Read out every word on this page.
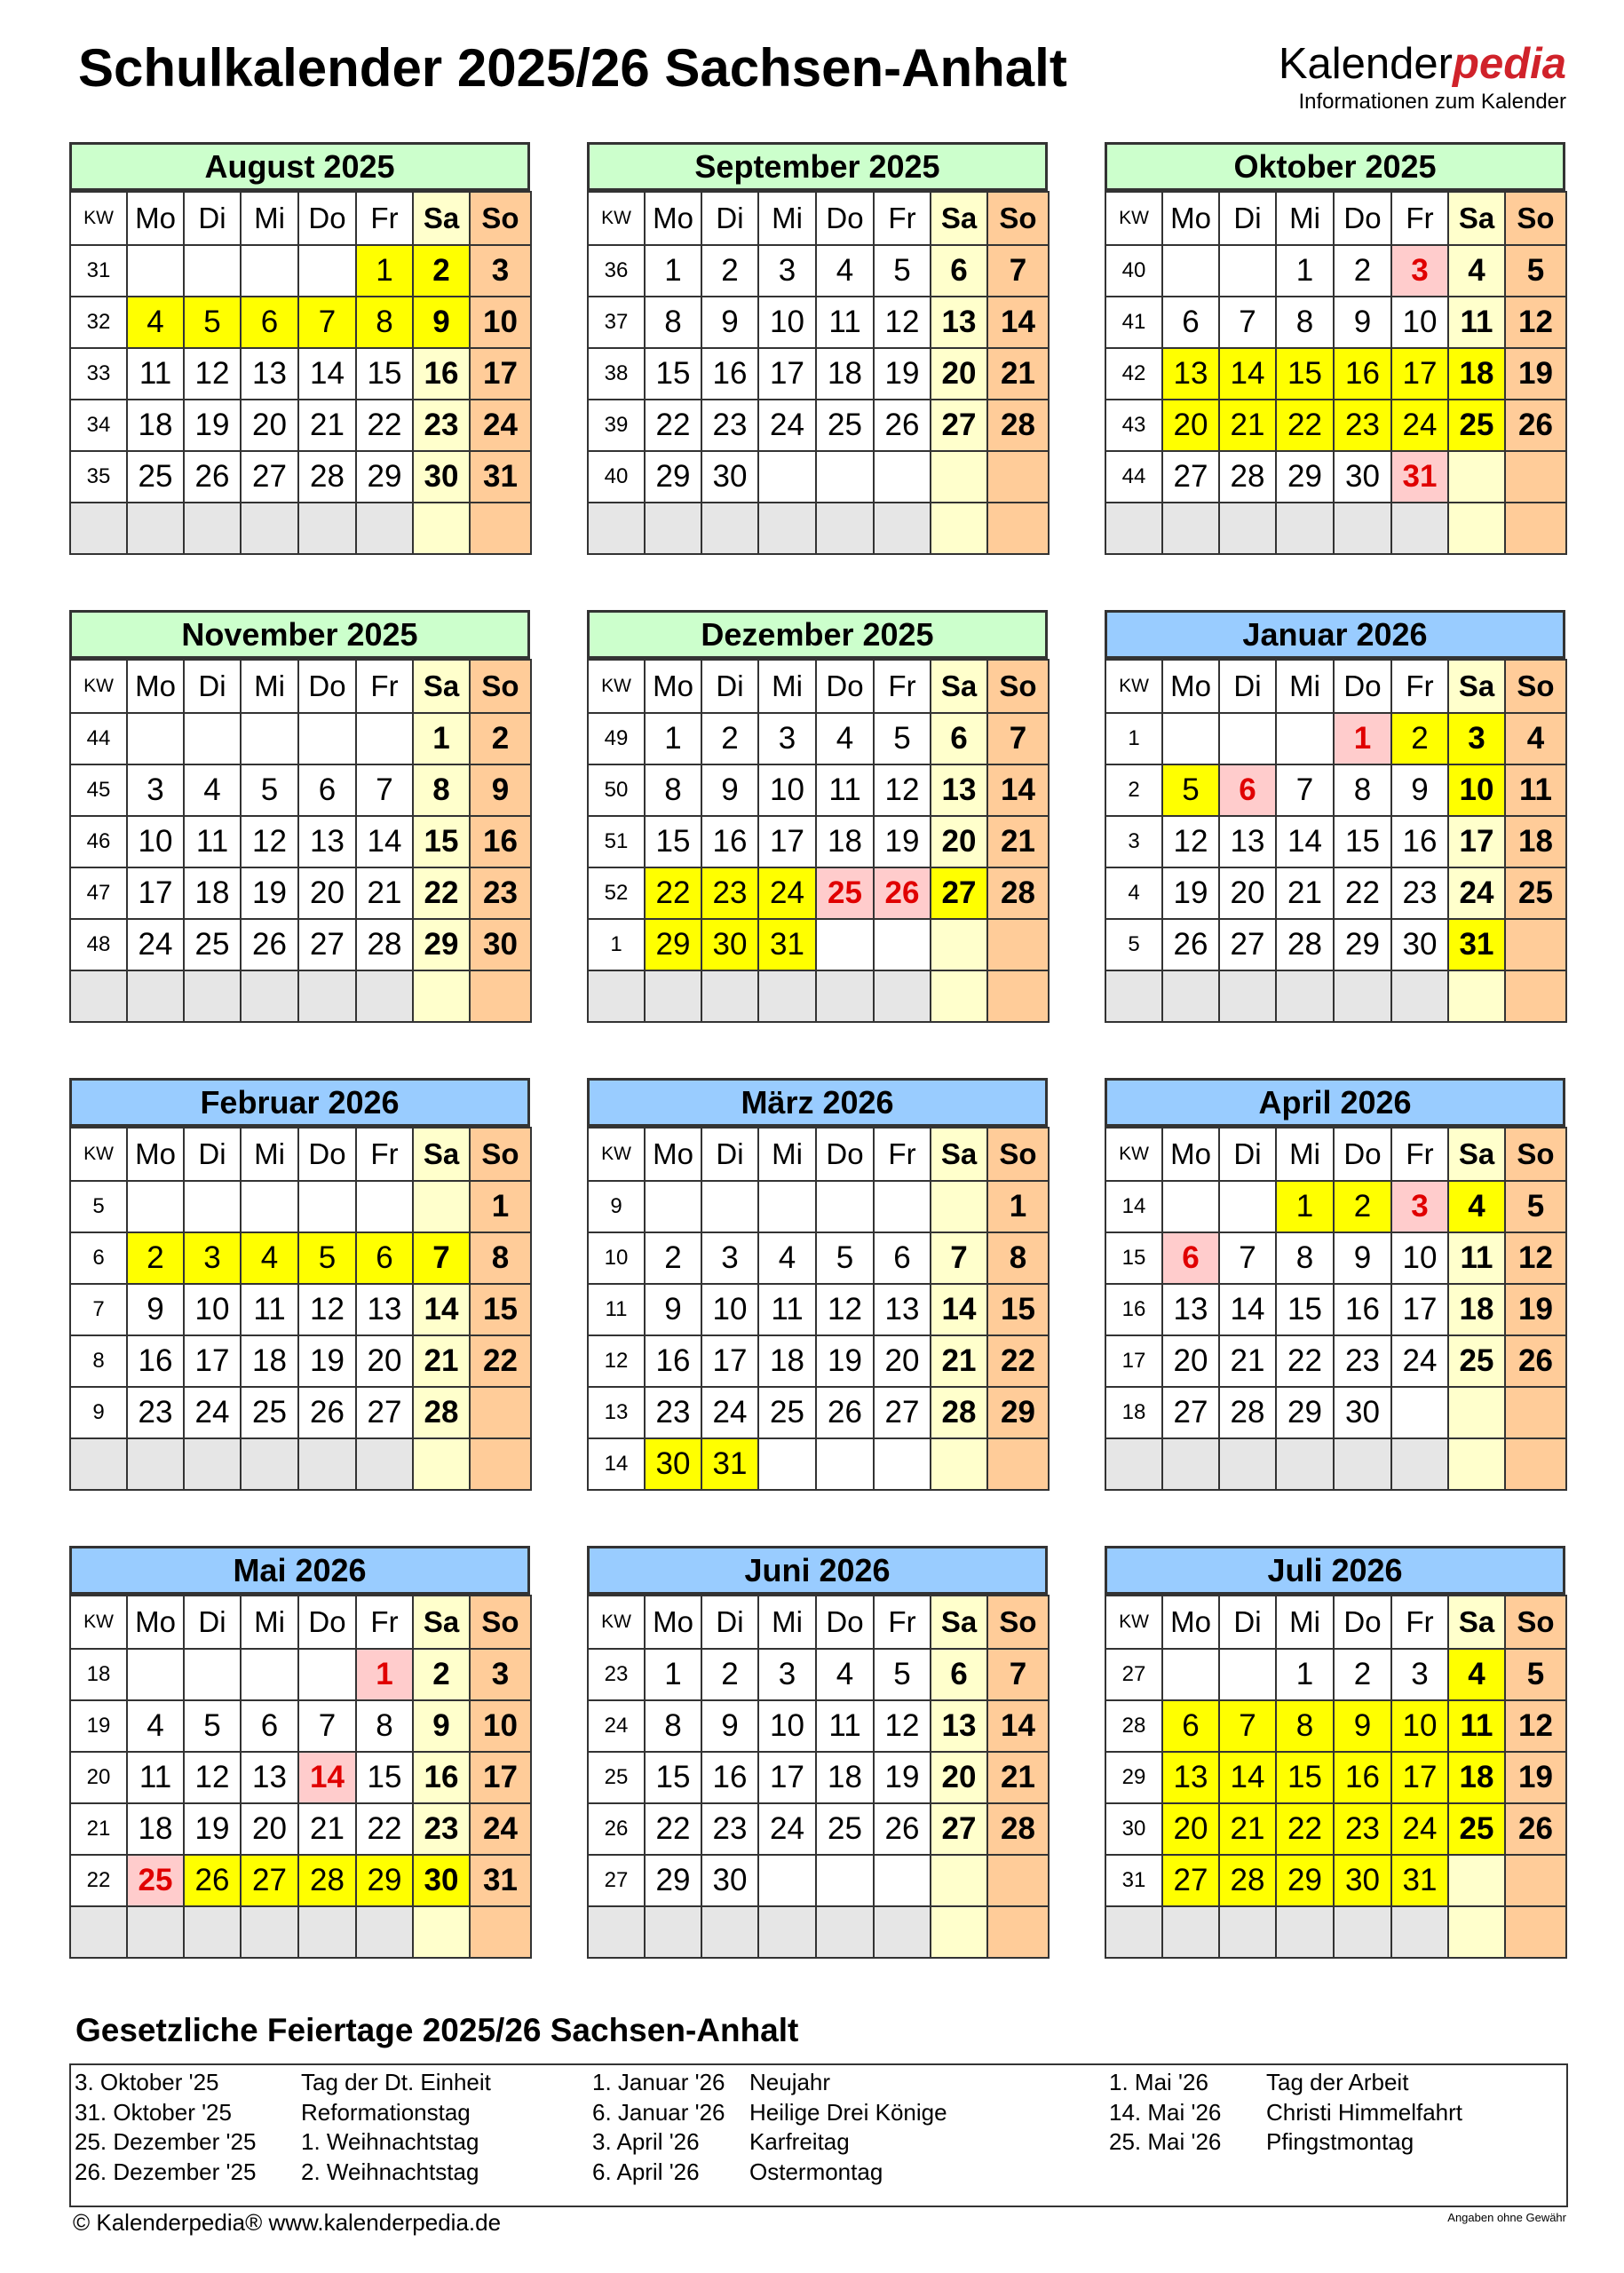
Schulkalender 2025/26 Sachsen-Anhalt	Kalenderpedia
Informationen zum Kalender
August 2025
KW	Mo	Di	Mi	Do	Fr	Sa	So
31					1	2	3
32	4	5	6	7	8	9	10
33	11	12	13	14	15	16	17
34	18	19	20	21	22	23	24
35	25	26	27	28	29	30	31

September 2025
KW	Mo	Di	Mi	Do	Fr	Sa	So
36	1	2	3	4	5	6	7
37	8	9	10	11	12	13	14
38	15	16	17	18	19	20	21
39	22	23	24	25	26	27	28
40	29	30					

Oktober 2025
KW	Mo	Di	Mi	Do	Fr	Sa	So
40			1	2	3	4	5
41	6	7	8	9	10	11	12
42	13	14	15	16	17	18	19
43	20	21	22	23	24	25	26
44	27	28	29	30	31		

November 2025
KW	Mo	Di	Mi	Do	Fr	Sa	So
44						1	2
45	3	4	5	6	7	8	9
46	10	11	12	13	14	15	16
47	17	18	19	20	21	22	23
48	24	25	26	27	28	29	30

Dezember 2025
KW	Mo	Di	Mi	Do	Fr	Sa	So
49	1	2	3	4	5	6	7
50	8	9	10	11	12	13	14
51	15	16	17	18	19	20	21
52	22	23	24	25	26	27	28
1	29	30	31				

Januar 2026
KW	Mo	Di	Mi	Do	Fr	Sa	So
1				1	2	3	4
2	5	6	7	8	9	10	11
3	12	13	14	15	16	17	18
4	19	20	21	22	23	24	25
5	26	27	28	29	30	31	

Februar 2026
KW	Mo	Di	Mi	Do	Fr	Sa	So
5							1
6	2	3	4	5	6	7	8
7	9	10	11	12	13	14	15
8	16	17	18	19	20	21	22
9	23	24	25	26	27	28	

März 2026
KW	Mo	Di	Mi	Do	Fr	Sa	So
9							1
10	2	3	4	5	6	7	8
11	9	10	11	12	13	14	15
12	16	17	18	19	20	21	22
13	23	24	25	26	27	28	29
14	30	31					
April 2026
KW	Mo	Di	Mi	Do	Fr	Sa	So
14			1	2	3	4	5
15	6	7	8	9	10	11	12
16	13	14	15	16	17	18	19
17	20	21	22	23	24	25	26
18	27	28	29	30			

Mai 2026
KW	Mo	Di	Mi	Do	Fr	Sa	So
18					1	2	3
19	4	5	6	7	8	9	10
20	11	12	13	14	15	16	17
21	18	19	20	21	22	23	24
22	25	26	27	28	29	30	31

Juni 2026
KW	Mo	Di	Mi	Do	Fr	Sa	So
23	1	2	3	4	5	6	7
24	8	9	10	11	12	13	14
25	15	16	17	18	19	20	21
26	22	23	24	25	26	27	28
27	29	30					

Juli 2026
KW	Mo	Di	Mi	Do	Fr	Sa	So
27			1	2	3	4	5
28	6	7	8	9	10	11	12
29	13	14	15	16	17	18	19
30	20	21	22	23	24	25	26
31	27	28	29	30	31		

Gesetzliche Feiertage 2025/26 Sachsen-Anhalt
3. Oktober '25	Tag der Dt. Einheit
31. Oktober '25	Reformationstag
25. Dezember '25 1. Weihnachtstag
26. Dezember '25 2. Weihnachtstag
1. Januar '26 Neujahr
6. Januar '26 Heilige Drei Könige
3. April '26 Karfreitag
6. April '26 Ostermontag
1. Mai '26	Tag der Arbeit
14. Mai '26 Christi Himmelfahrt
25. Mai '26 Pfingstmontag
© Kalenderpedia® www.kalenderpedia.de	Angaben ohne Gewähr
